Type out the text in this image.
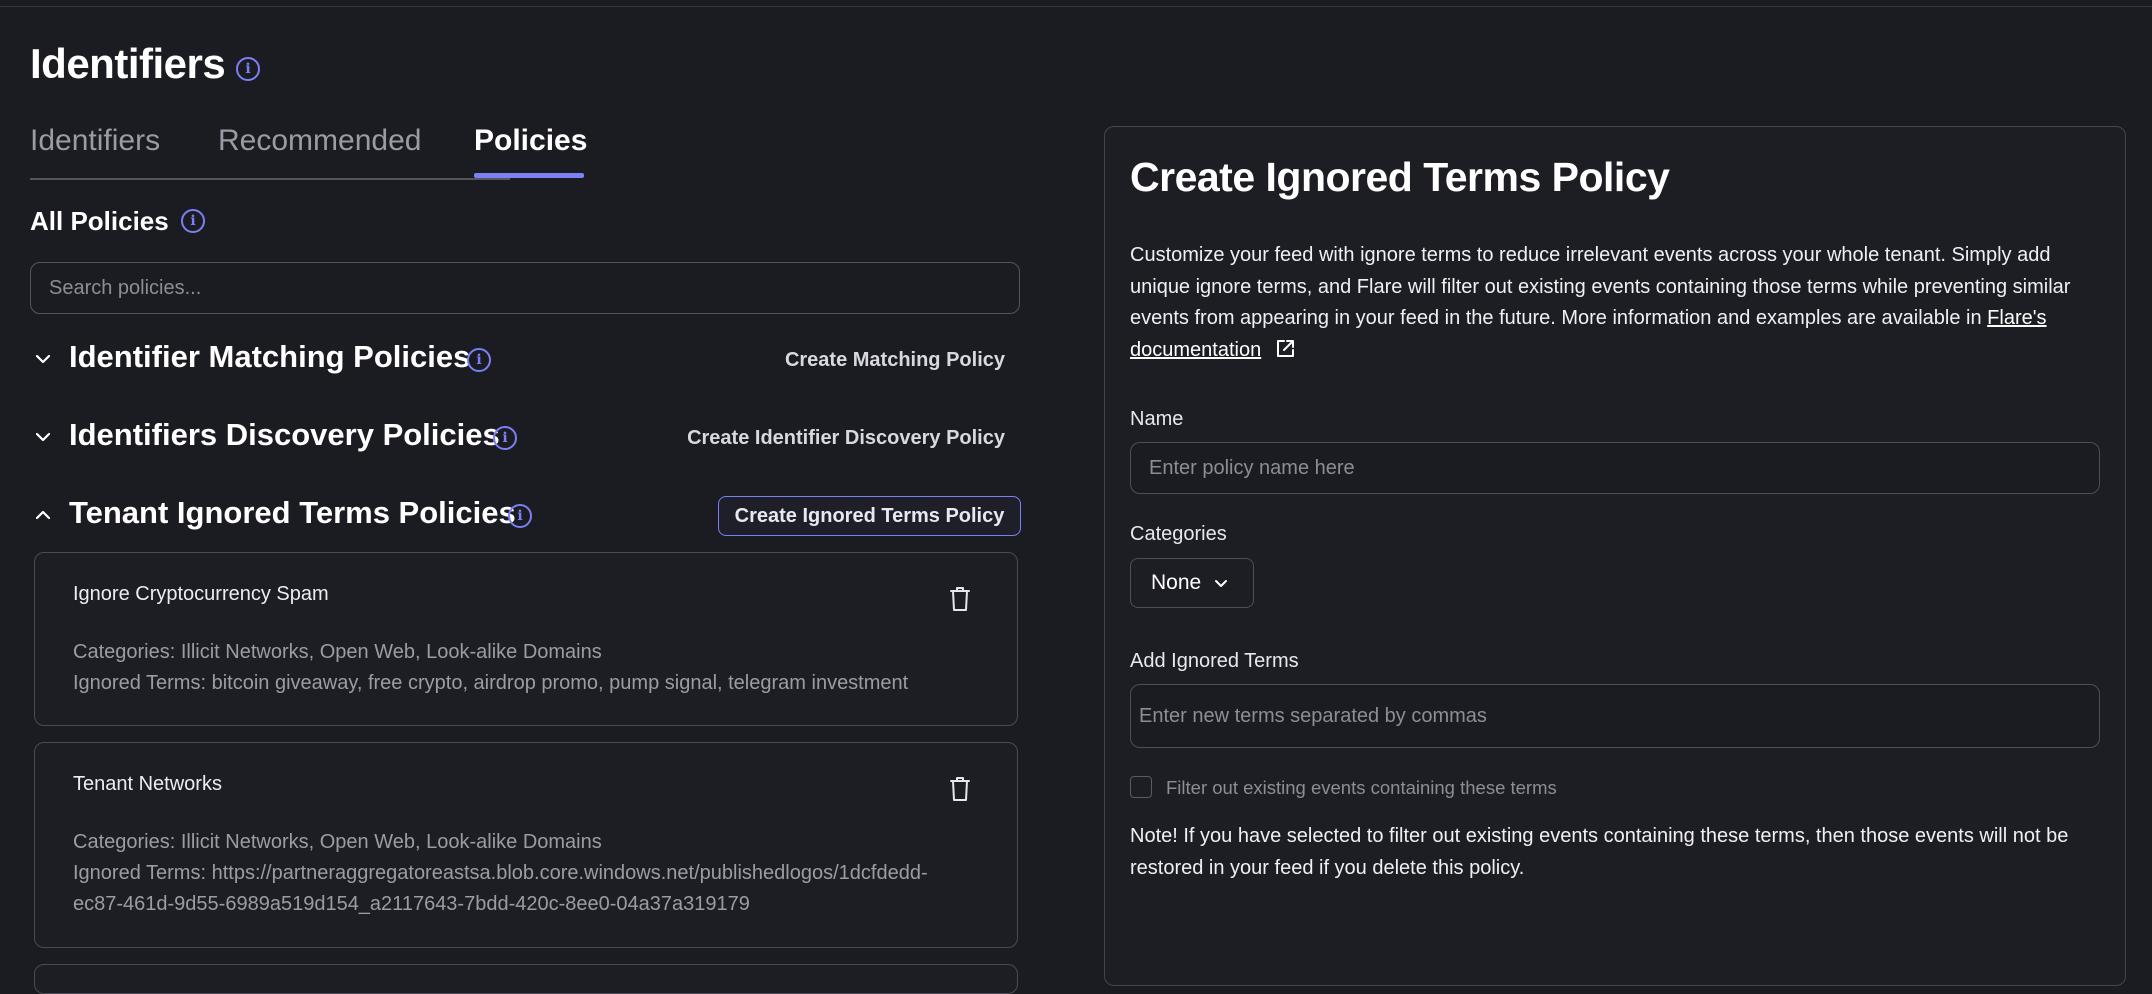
Identifiers	i
Identifiers Recommended Policies
All Policies	i
Search policies...
Identifier Matching Policies i	Create Matching Policy
Identifiers Discovery Policies i	Create Identifier Discovery Policy
Tenant Ignored Terms Policies i	Create Ignored Terms Policy
Ignore Cryptocurrency Spam
Categories: Illicit Networks, Open Web, Look-alike Domains
Ignored Terms: bitcoin giveaway, free crypto, airdrop promo, pump signal, telegram investment
Tenant Networks
Categories: Illicit Networks, Open Web, Look-alike Domains
Ignored Terms: https://partneraggregatoreastsa.blob.core.windows.net/publishedlogos/1dcfdedd-
ec87-461d-9d55-6989a519d154_a2117643-7bdd-420c-8ee0-04a37a319179
Create Ignored Terms Policy
Customize your feed with ignore terms to reduce irrelevant events across your whole tenant. Simply add unique ignore terms, and Flare will filter out existing events containing those terms while preventing similar events from appearing in your feed in the future. More information and examples are available in Flare's documentation
Name
Enter policy name here
Categories
None
Add Ignored Terms
Enter new terms separated by commas
Filter out existing events containing these terms
Note! If you have selected to filter out existing events containing these terms, then those events will not be restored in your feed if you delete this policy.
